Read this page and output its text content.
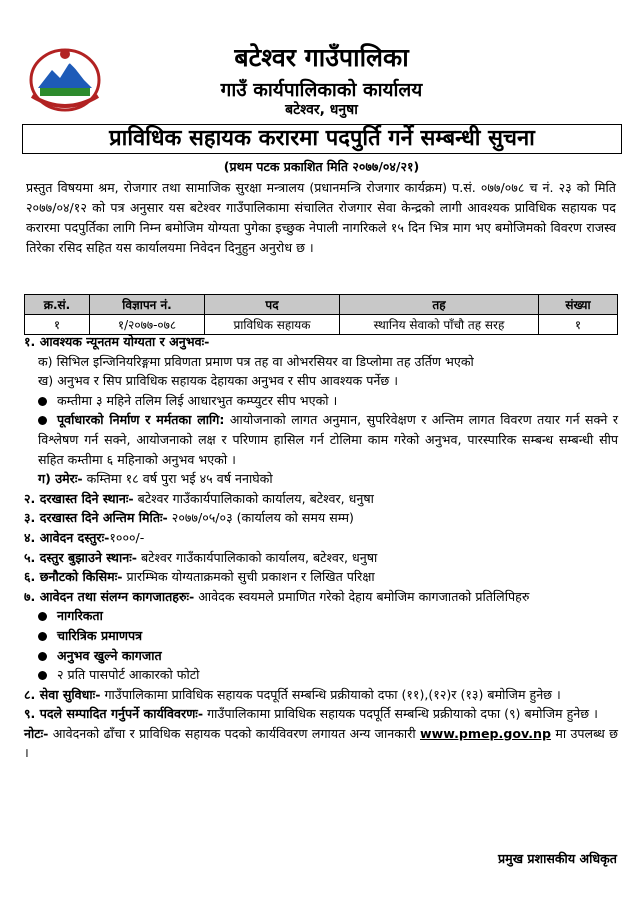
बटेश्वर गाउँपालिका
गाउँ कार्यपालिकाको कार्यालय
बटेश्वर, धनुषा
प्राविधिक सहायक करारमा पदपुर्ति गर्ने सम्बन्धी सुचना
(प्रथम पटक प्रकाशित मिति २०७७/०४/२१)
प्रस्तुत विषयमा श्रम, रोजगार तथा सामाजिक सुरक्षा मन्त्रालय (प्रधानमन्त्रि रोजगार कार्यक्रम) प.सं. ०७७/०७८ च नं. २३ को मिति २०७७/०४/१२ को पत्र अनुसार यस बटेश्वर गाउँपालिकामा संचालित रोजगार सेवा केन्द्रको लागी आवश्यक प्राविधिक सहायक पद करारमा पदपुर्तिका लागि निम्न बमोजिम योग्यता पुगेका इच्छुक नेपाली नागरिकले १५ दिन भित्र माग भए बमोजिमको विवरण राजस्व तिरेका रसिद सहित यस कार्यालयमा निवेदन दिनुहुन अनुरोध छ ।
क्र.सं.	विज्ञापन नं.	पद	तह	संख्या
१	१/२०७७-०७८	प्राविधिक सहायक	स्थानिय सेवाको पाँचौ तह सरह	१
१. आवश्यक न्यूनतम योग्यता र अनुभवः-
क) सिभिल इन्जिनियरिङ्गमा प्रविणता प्रमाण पत्र तह वा ओभरसियर वा डिप्लोमा तह उर्तिण भएको
ख) अनुभव र सिप प्राविधिक सहायक देहायका अनुभव र सीप आवश्यक पर्नेछ ।
कम्तीमा ३ महिने तलिम लिई आधारभुत कम्प्युटर सीप भएको ।
पूर्वाधारको निर्माण र मर्मतका लागि: आयोजनाको लागत अनुमान, सुपरिवेक्षण र अन्तिम लागत विवरण तयार गर्न सक्ने र विश्लेषण गर्न सक्ने, आयोजनाको लक्ष र परिणाम हासिल गर्न टोलिमा काम गरेको अनुभव, पारस्पारिक सम्बन्ध सम्बन्धी सीप सहित कम्तीमा ६ महिनाको अनुभव भएको ।
ग) उमेरः- कम्तिमा १८ वर्ष पुरा भई ४५ वर्ष ननाघेको
२. दरखास्त दिने स्थानः- बटेश्वर गाउँकार्यपालिकाको कार्यालय, बटेश्वर, धनुषा
३. दरखास्त दिने अन्तिम मितिः- २०७७/०५/०३ (कार्यालय को समय सम्म)
४. आवेदन दस्तुरः-१०००/-
५. दस्तुर बुझाउने स्थानः- बटेश्वर गाउँकार्यपालिकाको कार्यालय, बटेश्वर, धनुषा
६. छनौटको किसिमः- प्रारम्भिक योग्यताक्रमको सुची प्रकाशन र लिखित परिक्षा
७. आवेदन तथा संलग्न कागजातहरुः- आवेदक स्वयमले प्रमाणित गरेको देहाय बमोजिम कागजातको प्रतिलिपिहरु
नागरिकता
चारित्रिक प्रमाणपत्र
अनुभव खुल्ने कागजात
२ प्रति पासपोर्ट आकारको फोटो
८. सेवा सुविधाः- गाउँपालिकामा प्राविधिक सहायक पदपूर्ति सम्बन्धि प्रक्रीयाको दफा (११),(१२)र (१३) बमोजिम हुनेछ ।
९. पदले सम्पादित गर्नुपर्ने कार्यविवरणः- गाउँपालिकामा प्राविधिक सहायक पदपूर्ति सम्बन्धि प्रक्रीयाको दफा (९) बमोजिम हुनेछ ।
नोटः- आवेदनको ढाँचा र प्राविधिक सहायक पदको कार्यविवरण लगायत अन्य जानकारी www.pmep.gov.np मा उपलब्ध छ ।
प्रमुख प्रशासकीय अधिकृत
